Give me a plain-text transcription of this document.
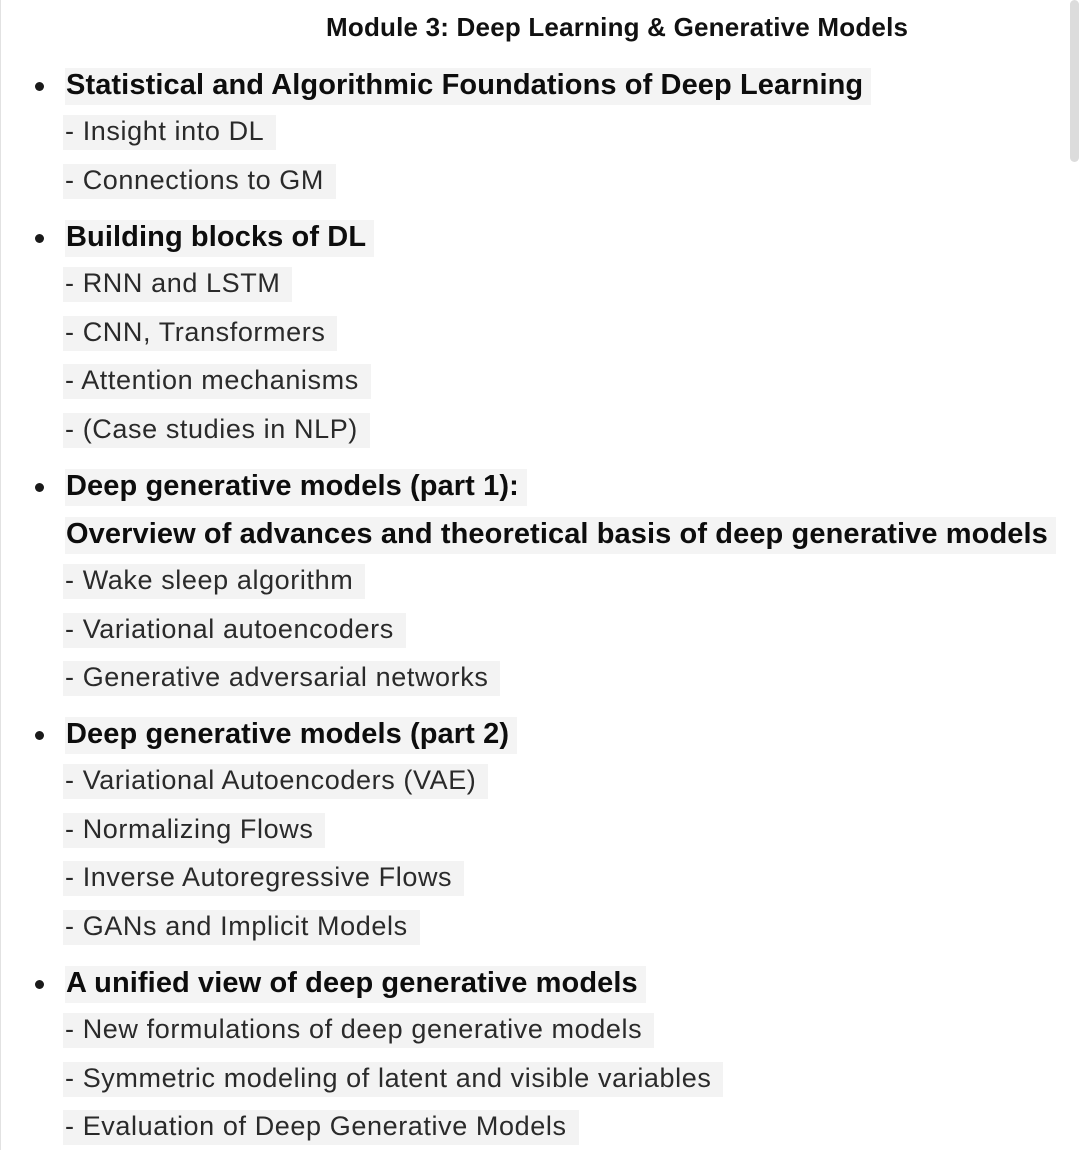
Module 3: Deep Learning & Generative Models
Statistical and Algorithmic Foundations of Deep Learning
- Insight into DL
- Connections to GM
Building blocks of DL
- RNN and LSTM
- CNN, Transformers
- Attention mechanisms
- (Case studies in NLP)
Deep generative models (part 1):
Overview of advances and theoretical basis of deep generative models
- Wake sleep algorithm
- Variational autoencoders
- Generative adversarial networks
Deep generative models (part 2)
- Variational Autoencoders (VAE)
- Normalizing Flows
- Inverse Autoregressive Flows
- GANs and Implicit Models
A unified view of deep generative models
- New formulations of deep generative models
- Symmetric modeling of latent and visible variables
- Evaluation of Deep Generative Models
